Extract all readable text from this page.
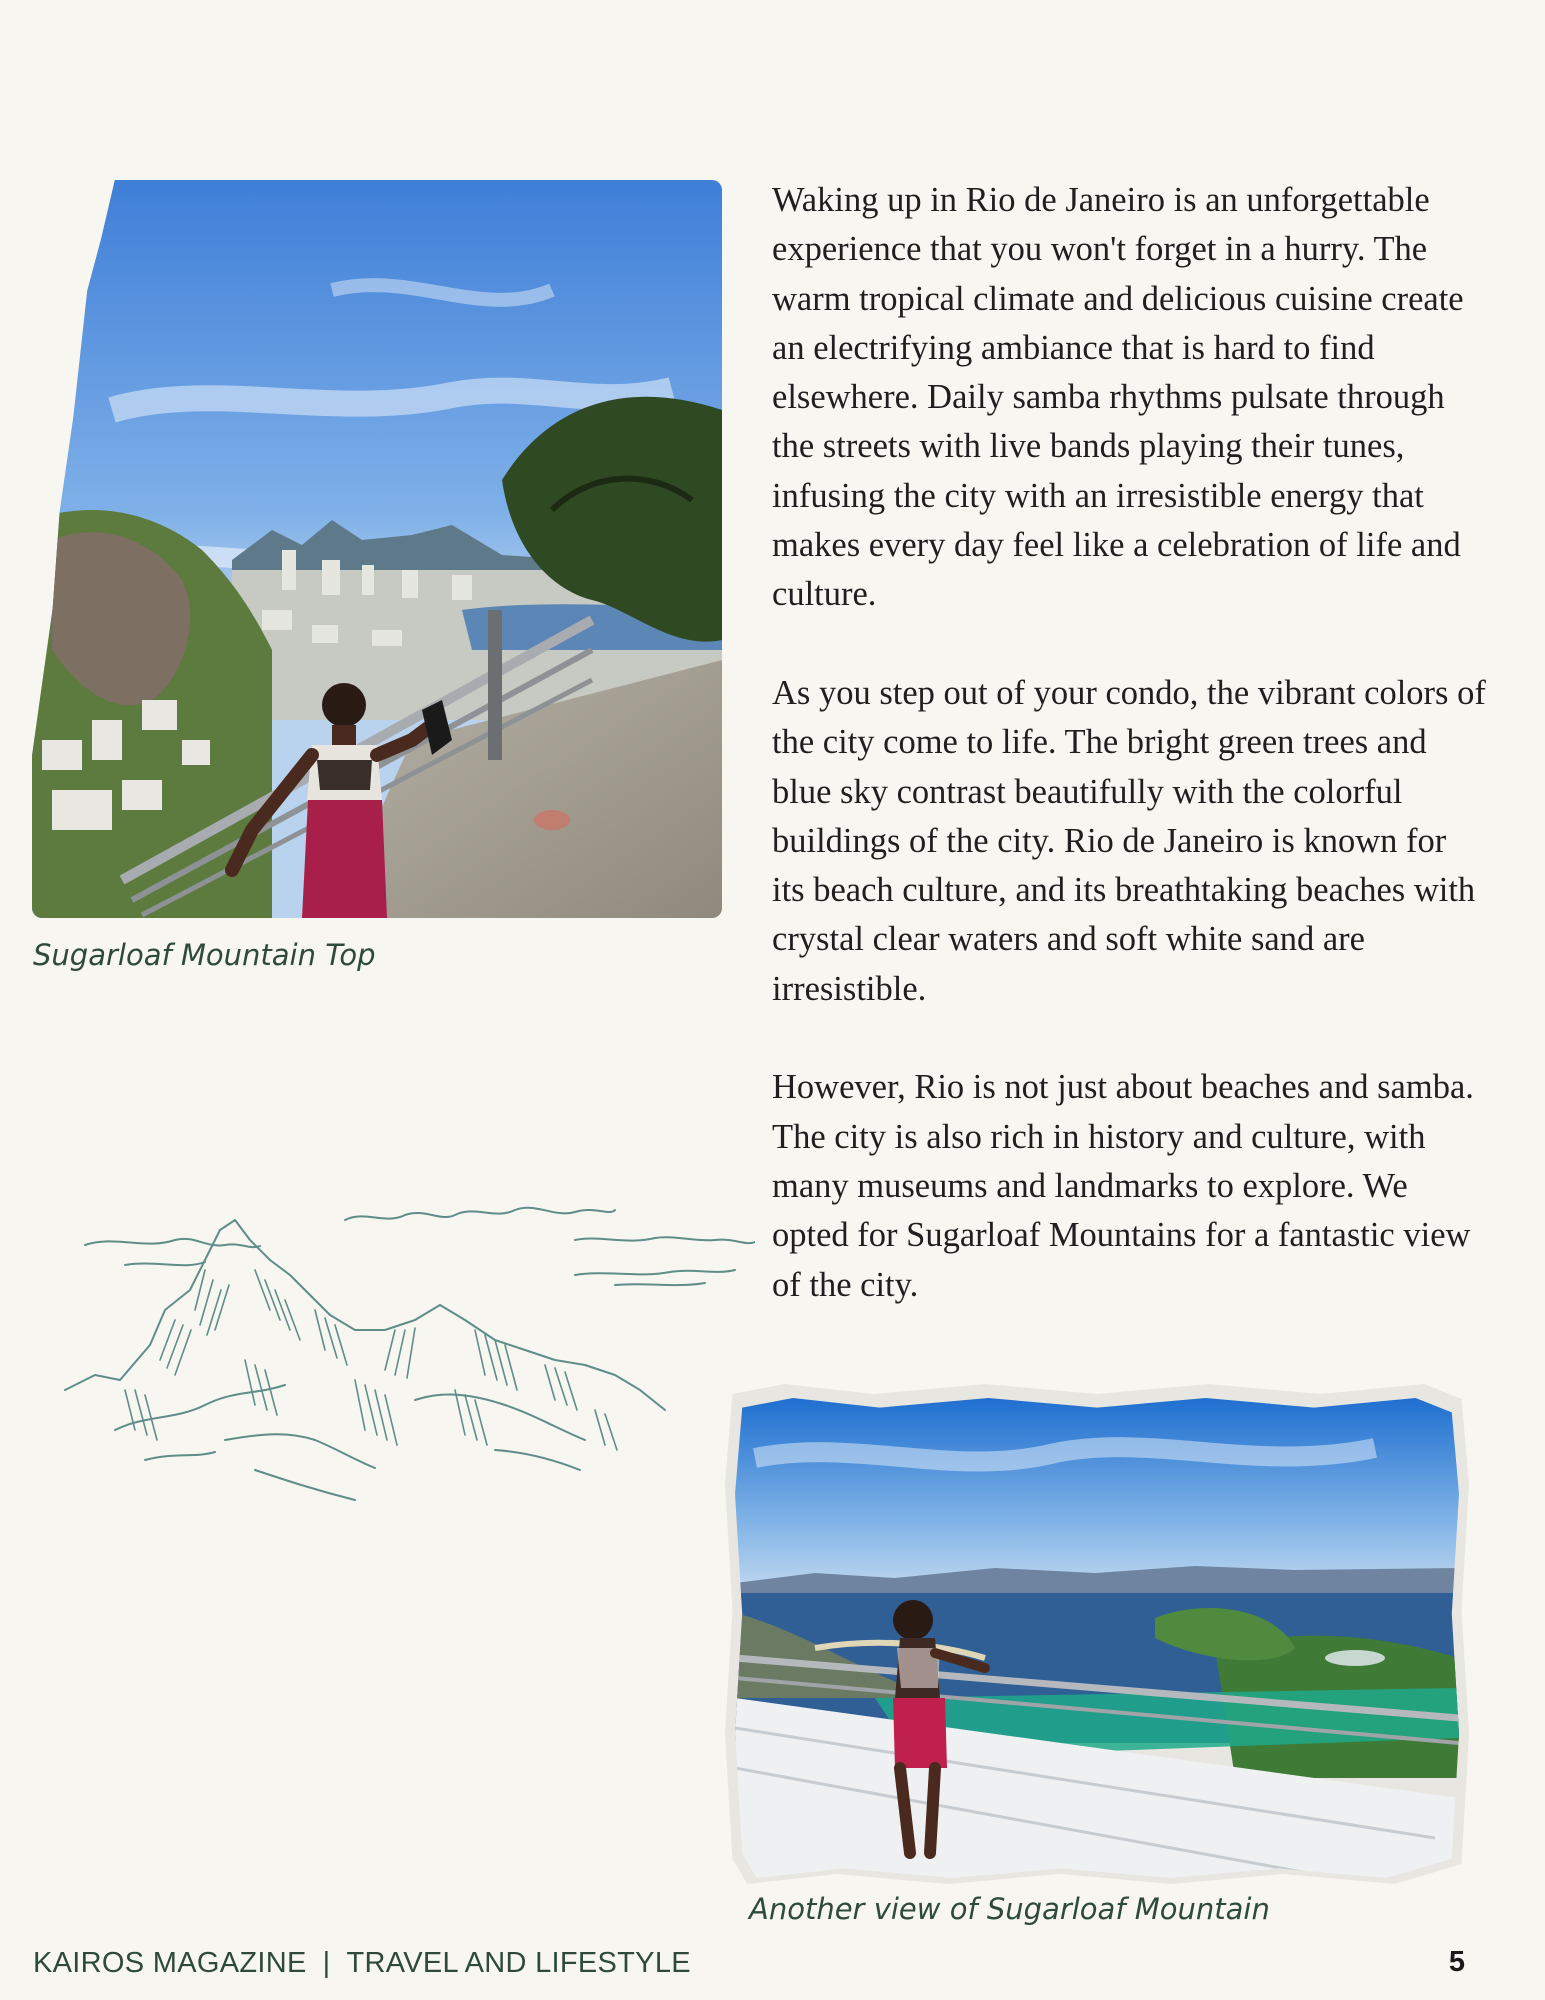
Sugarloaf Mountain Top

Waking up in Rio de Janeiro is an unforgettable experience that you won't forget in a hurry. The warm tropical climate and delicious cuisine create an electrifying ambiance that is hard to find elsewhere. Daily samba rhythms pulsate through the streets with live bands playing their tunes, infusing the city with an irresistible energy that makes every day feel like a celebration of life and culture.

As you step out of your condo, the vibrant colors of the city come to life. The bright green trees and blue sky contrast beautifully with the colorful buildings of the city. Rio de Janeiro is known for its beach culture, and its breathtaking beaches with crystal clear waters and soft white sand are irresistible.

However, Rio is not just about beaches and samba. The city is also rich in history and culture, with many museums and landmarks to explore. We opted for Sugarloaf Mountains for a fantastic view of the city.

Another view of Sugarloaf Mountain

KAIROS MAGAZINE | TRAVEL AND LIFESTYLE	5
